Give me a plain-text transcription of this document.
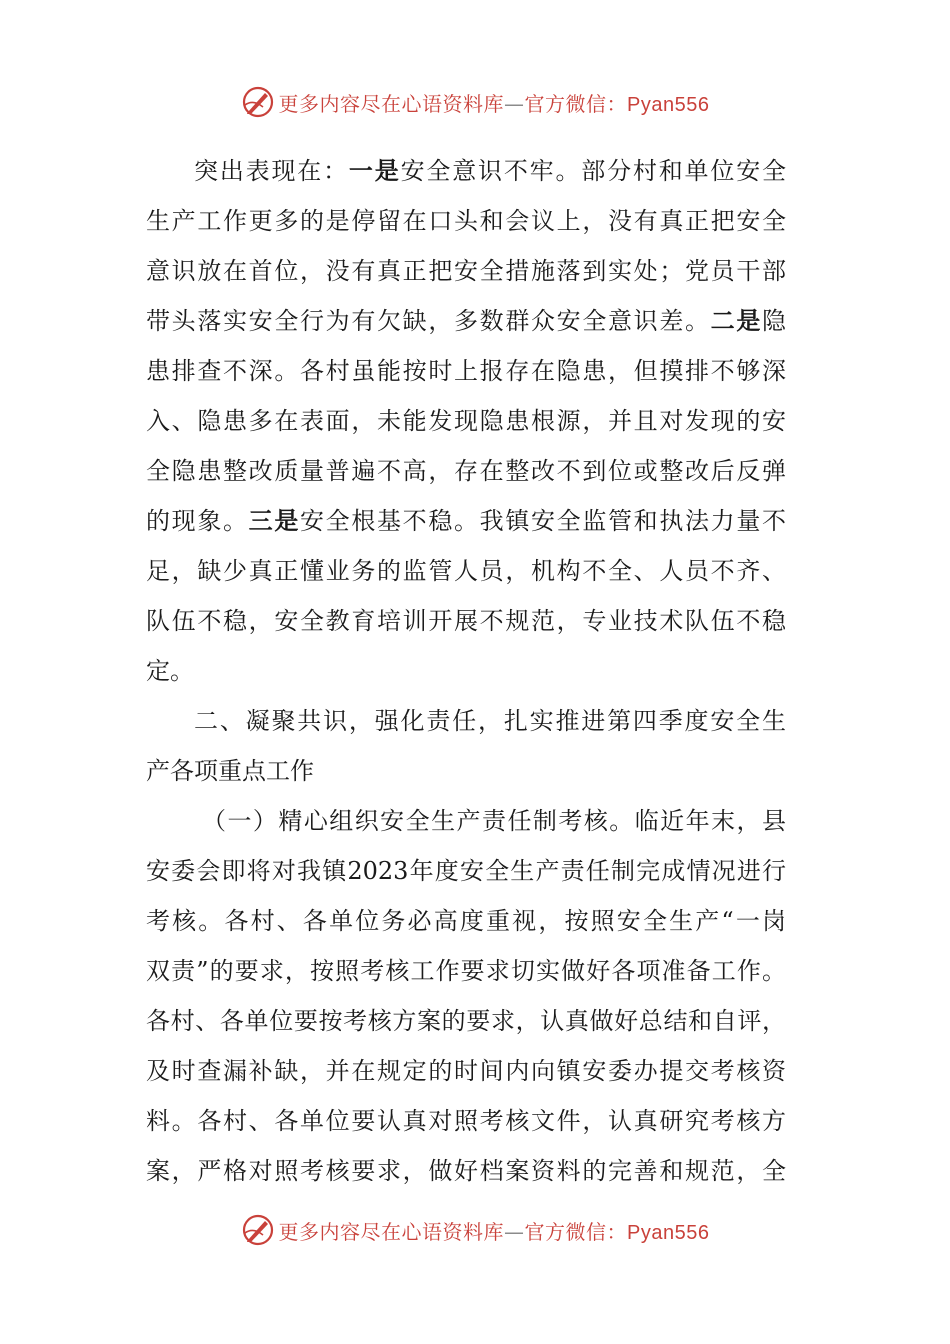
更多内容尽在心语资料库—官方微信：Pyan556
突出表现在：一是安全意识不牢。部分村和单位安全
生产工作更多的是停留在口头和会议上，没有真正把安全
意识放在首位，没有真正把安全措施落到实处；党员干部
带头落实安全行为有欠缺，多数群众安全意识差。二是隐
患排查不深。各村虽能按时上报存在隐患，但摸排不够深
入、隐患多在表面，未能发现隐患根源，并且对发现的安
全隐患整改质量普遍不高，存在整改不到位或整改后反弹
的现象。三是安全根基不稳。我镇安全监管和执法力量不
足，缺少真正懂业务的监管人员，机构不全、人员不齐、
队伍不稳，安全教育培训开展不规范，专业技术队伍不稳
定。
二、凝聚共识，强化责任，扎实推进第四季度安全生
产各项重点工作
（一）精心组织安全生产责任制考核。临近年末，县
安委会即将对我镇2023年度安全生产责任制完成情况进行
考核。各村、各单位务必高度重视，按照安全生产“一岗
双责”的要求，按照考核工作要求切实做好各项准备工作。
各村、各单位要按考核方案的要求，认真做好总结和自评，
及时查漏补缺，并在规定的时间内向镇安委办提交考核资
料。各村、各单位要认真对照考核文件，认真研究考核方
案，严格对照考核要求，做好档案资料的完善和规范，全
更多内容尽在心语资料库—官方微信：Pyan556
